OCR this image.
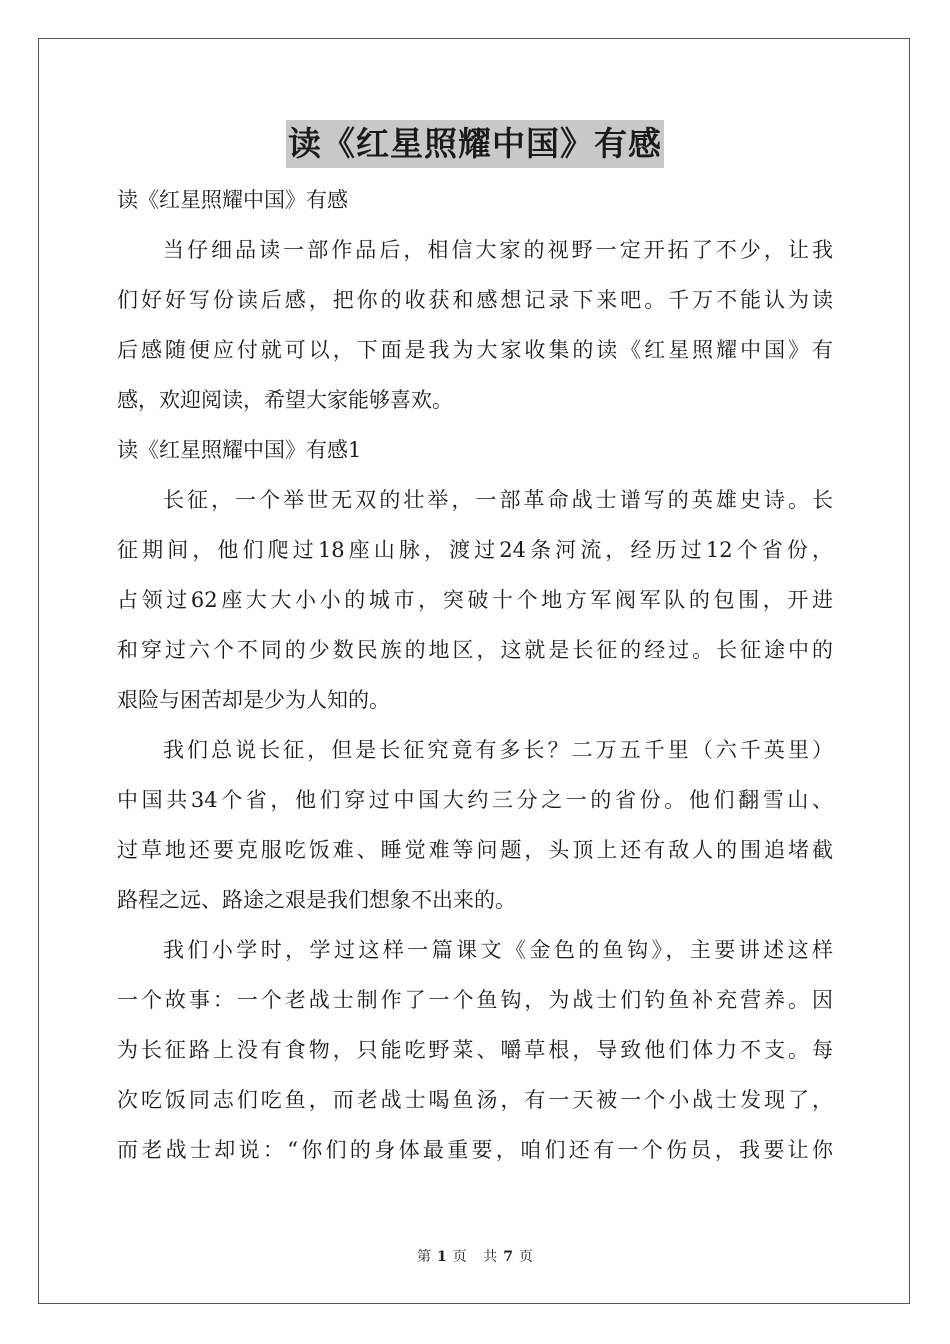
读《红星照耀中国》有感
读《红星照耀中国》有感
当仔细品读一部作品后，相信大家的视野一定开拓了不少，让我
们好好写份读后感，把你的收获和感想记录下来吧。千万不能认为读
后感随便应付就可以，下面是我为大家收集的读《红星照耀中国》有
感，欢迎阅读，希望大家能够喜欢。
读《红星照耀中国》有感1
长征，一个举世无双的壮举，一部革命战士谱写的英雄史诗。长
征期间，他们爬过18座山脉，渡过24条河流，经历过12个省份，
占领过62座大大小小的城市，突破十个地方军阀军队的包围，开进
和穿过六个不同的少数民族的地区，这就是长征的经过。长征途中的
艰险与困苦却是少为人知的。
我们总说长征，但是长征究竟有多长？二万五千里（六千英里）
中国共34个省，他们穿过中国大约三分之一的省份。他们翻雪山、
过草地还要克服吃饭难、睡觉难等问题，头顶上还有敌人的围追堵截
路程之远、路途之艰是我们想象不出来的。
我们小学时，学过这样一篇课文《金色的鱼钩》，主要讲述这样
一个故事：一个老战士制作了一个鱼钩，为战士们钓鱼补充营养。因
为长征路上没有食物，只能吃野菜、嚼草根，导致他们体力不支。每
次吃饭同志们吃鱼，而老战士喝鱼汤，有一天被一个小战士发现了，
而老战士却说：“你们的身体最重要，咱们还有一个伤员，我要让你
第 1 页 共 7 页
